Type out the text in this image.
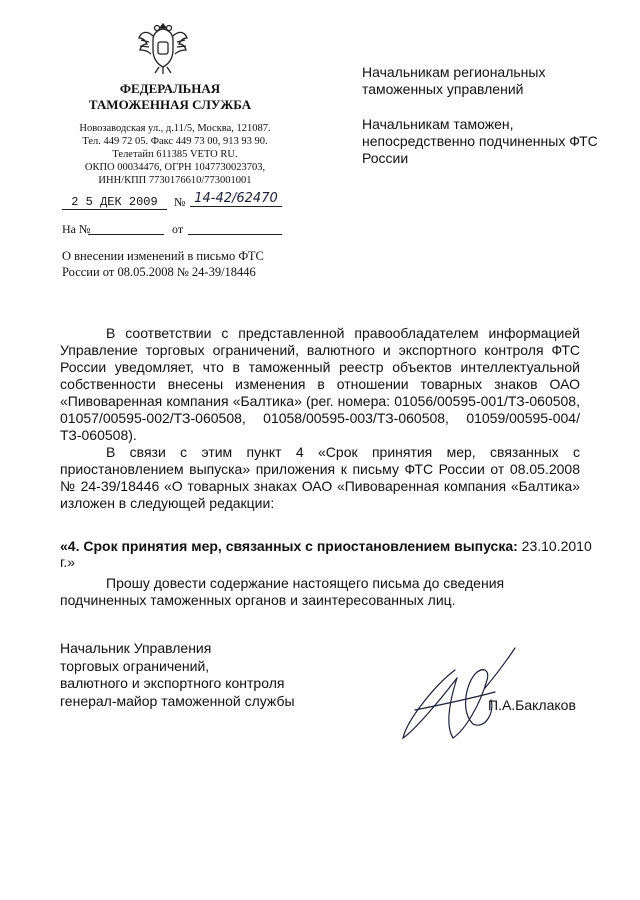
ФЕДЕРАЛЬНАЯ
ТАМОЖЕННАЯ СЛУЖБА
Новозаводская ул., д.11/5, Москва, 121087.
Тел. 449 72 05. Факс 449 73 00, 913 93 90.
Телетайп 611385 VETO RU.
ОКПО 00034476, ОГРН 1047730023703,
ИНН/КПП 7730176610/773001001
2 5 ДЕК 2009	№ 14-42/62470
На №	от
О внесении изменений в письмо ФТС России от 08.05.2008 № 24-39/18446

Начальникам региональных таможенных управлений

Начальникам таможен, непосредственно подчиненных ФТС России

В соответствии с представленной правообладателем информацией Управление торговых ограничений, валютного и экспортного контроля ФТС России уведомляет, что в таможенный реестр объектов интеллектуальной собственности внесены изменения в отношении товарных знаков ОАО «Пивоваренная компания «Балтика» (рег. номера: 01056/00595-001/ТЗ-060508, 01057/00595-002/ТЗ-060508, 01058/00595-003/ТЗ-060508, 01059/00595-004/ТЗ-060508).

В связи с этим пункт 4 «Срок принятия мер, связанных с приостановлением выпуска» приложения к письму ФТС России от 08.05.2008 № 24-39/18446 «О товарных знаках ОАО «Пивоваренная компания «Балтика» изложен в следующей редакции:

«4. Срок принятия мер, связанных с приостановлением выпуска: 23.10.2010 г.»

Прошу довести содержание настоящего письма до сведения подчиненных таможенных органов и заинтересованных лиц.

Начальник Управления
торговых ограничений,
валютного и экспортного контроля
генерал-майор таможенной службы	П.А.Баклаков
